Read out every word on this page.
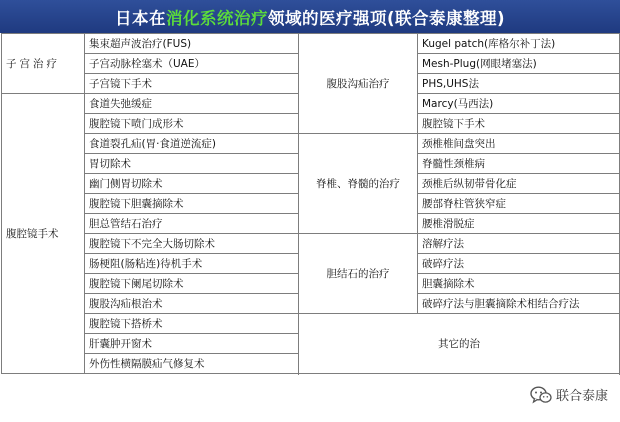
日本在 消化系统治疗 领域的医疗强项(联合泰康整理)
子宫治疗	集束超声波治疗(FUS)	腹股沟疝治疗	Kugel patch(库格尔补丁法)
	子宫动脉栓塞术（UAE）		Mesh-Plug(网眼堵塞法)
	子宫镜下手术		PHS,UHS法
腹腔镜手术	食道失弛缓症		Marcy(马西法)
	腹腔镜下喷门成形术		腹腔镜下手术
	食道裂孔疝(胃·食道逆流症)	脊椎、脊髓的治疗	颈椎椎间盘突出
	胃切除术		脊髓性颈椎病
	幽门侧胃切除术		颈椎后纵韧带骨化症
	腹腔镜下胆囊摘除术		腰部脊柱管狭窄症
	胆总管结石治疗		腰椎滑脱症
	腹腔镜下不完全大肠切除术	胆结石的治疗	溶解疗法
	肠梗阻(肠粘连)待机手术		破碎疗法
	腹腔镜下阑尾切除术		胆囊摘除术
	腹股沟疝根治术		破碎疗法与胆囊摘除术相结合疗法
	腹腔镜下搭桥术	其它的治	
	肝囊肿开窗术		
	外伤性横隔膜疝气修复术		

联合泰康
